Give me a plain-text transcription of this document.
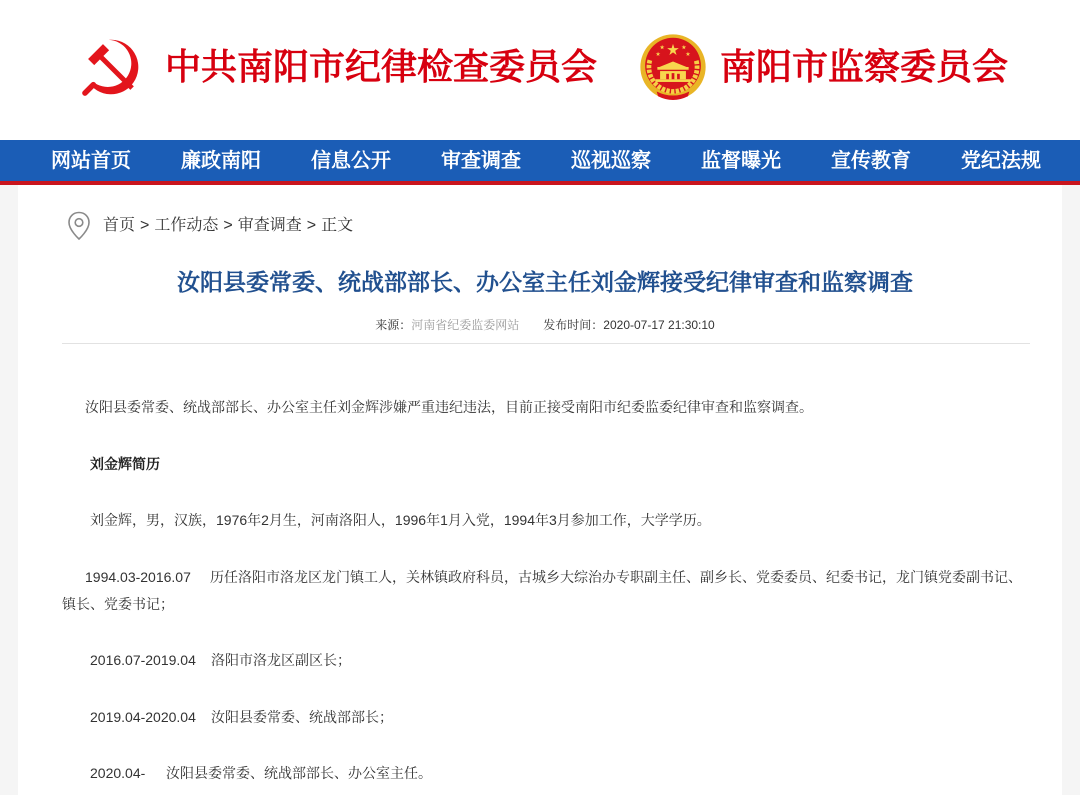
中共南阳市纪律检查委员会	南阳市监察委员会
网站首页	廉政南阳	信息公开	审查调查	巡视巡察	监督曝光	宣传教育	党纪法规
首页 > 工作动态 > 审查调查 > 正文
汝阳县委常委、统战部部长、办公室主任刘金辉接受纪律审查和监察调查
来源：河南省纪委监委网站 发布时间：2020-07-17 21:30:10

汝阳县委常委、统战部部长、办公室主任刘金辉涉嫌严重违纪违法，目前正接受南阳市纪委监委纪律审查和监察调查。

刘金辉简历

刘金辉，男，汉族，1976年2月生，河南洛阳人，1996年1月入党，1994年3月参加工作，大学学历。

1994.03-2016.07 历任洛阳市洛龙区龙门镇工人，关林镇政府科员，古城乡大综治办专职副主任、副乡长、党委委员、纪委书记，龙门镇党委副书记、镇长、党委书记；

2016.07-2019.04 洛阳市洛龙区副区长；

2019.04-2020.04 汝阳县委常委、统战部部长；

2020.04- 汝阳县委常委、统战部部长、办公室主任。
